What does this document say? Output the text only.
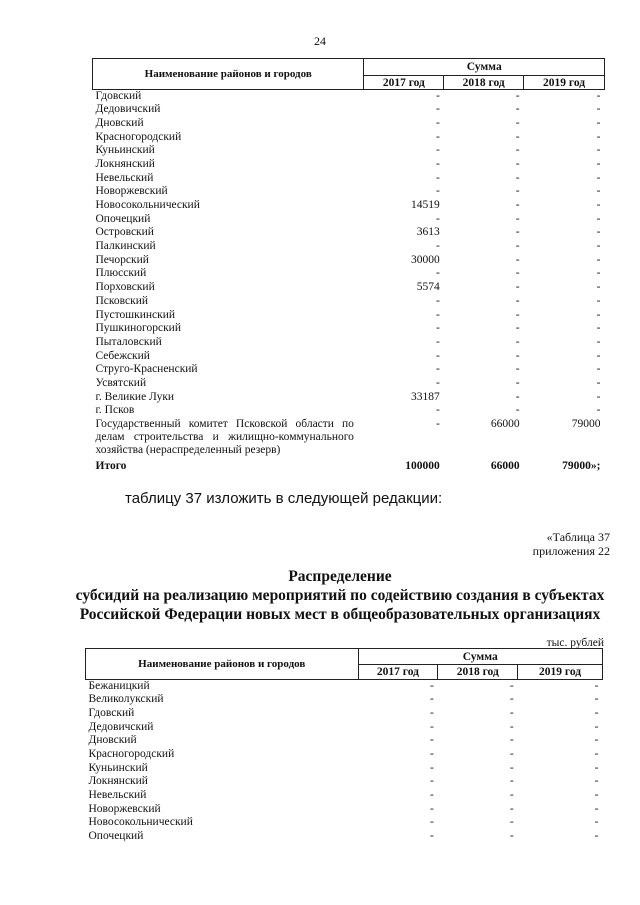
24
Наименование районов и городов	Сумма		
	2017 год	2018 год	2019 год
Гдовский	-	-	-
Дедовичский	-	-	-
Дновский	-	-	-
Красногородский	-	-	-
Куньинский	-	-	-
Локнянский	-	-	-
Невельский	-	-	-
Новоржевский	-	-	-
Новосокольнический	14519	-	-
Опочецкий	-	-	-
Островский	3613	-	-
Палкинский	-	-	-
Печорский	30000	-	-
Плюсский	-	-	-
Порховский	5574	-	-
Псковский	-	-	-
Пустошкинский	-	-	-
Пушкиногорский	-	-	-
Пыталовский	-	-	-
Себежский	-	-	-
Струго-Красненский	-	-	-
Усвятский	-	-	-
г. Великие Луки	33187	-	-
г. Псков	-	-	-
Государственный комитет Псковской области по делам строительства и жилищно-коммунального хозяйства (нераспределенный резерв)	-	66000	79000
Итого	100000	66000	79000»;
таблицу 37 изложить в следующей редакции:
«Таблица 37
приложения 22
Распределение
субсидий на реализацию мероприятий по содействию создания в субъектах
Российской Федерации новых мест в общеобразовательных организациях
тыс. рублей
Наименование районов и городов	Сумма		
	2017 год	2018 год	2019 год
Бежаницкий	-	-	-
Великолукский	-	-	-
Гдовский	-	-	-
Дедовичский	-	-	-
Дновский	-	-	-
Красногородский	-	-	-
Куньинский	-	-	-
Локнянский	-	-	-
Невельский	-	-	-
Новоржевский	-	-	-
Новосокольнический	-	-	-
Опочецкий	-	-	-
